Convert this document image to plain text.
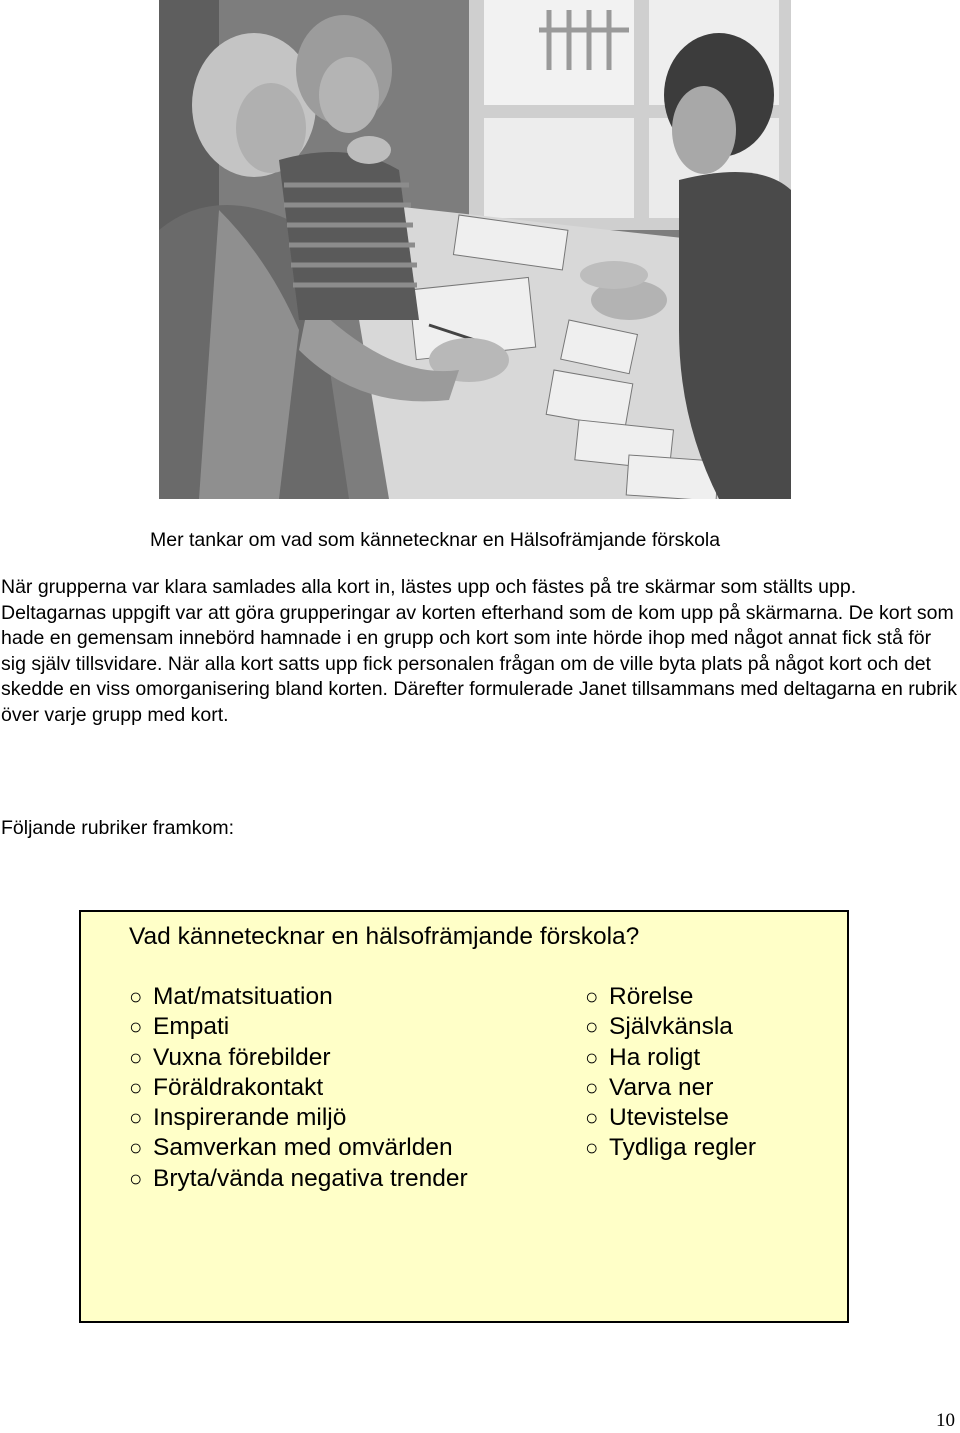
Mer tankar om vad som kännetecknar en Hälsofrämjande förskola

När grupperna var klara samlades alla kort in, lästes upp och fästes på tre skärmar som ställts upp. Deltagarnas uppgift var att göra grupperingar av korten efterhand som de kom upp på skärmarna. De kort som hade en gemensam innebörd hamnade i en grupp och kort som inte hörde ihop med något annat fick stå för sig själv tillsvidare. När alla kort satts upp fick personalen frågan om de ville byta plats på något kort och det skedde en viss omorganisering bland korten. Därefter formulerade Janet tillsammans med deltagarna en rubrik över varje grupp med kort.

Följande rubriker framkom:
Vad kännetecknar en hälsofrämjande förskola?
○ Mat/matsituation
○ Empati
○ Vuxna förebilder
○ Föräldrakontakt
○ Inspirerande miljö
○ Samverkan med omvärlden
○ Bryta/vända negativa trender
○ Rörelse
○ Självkänsla
○ Ha roligt
○ Varva ner
○ Utevistelse
○ Tydliga regler
10
